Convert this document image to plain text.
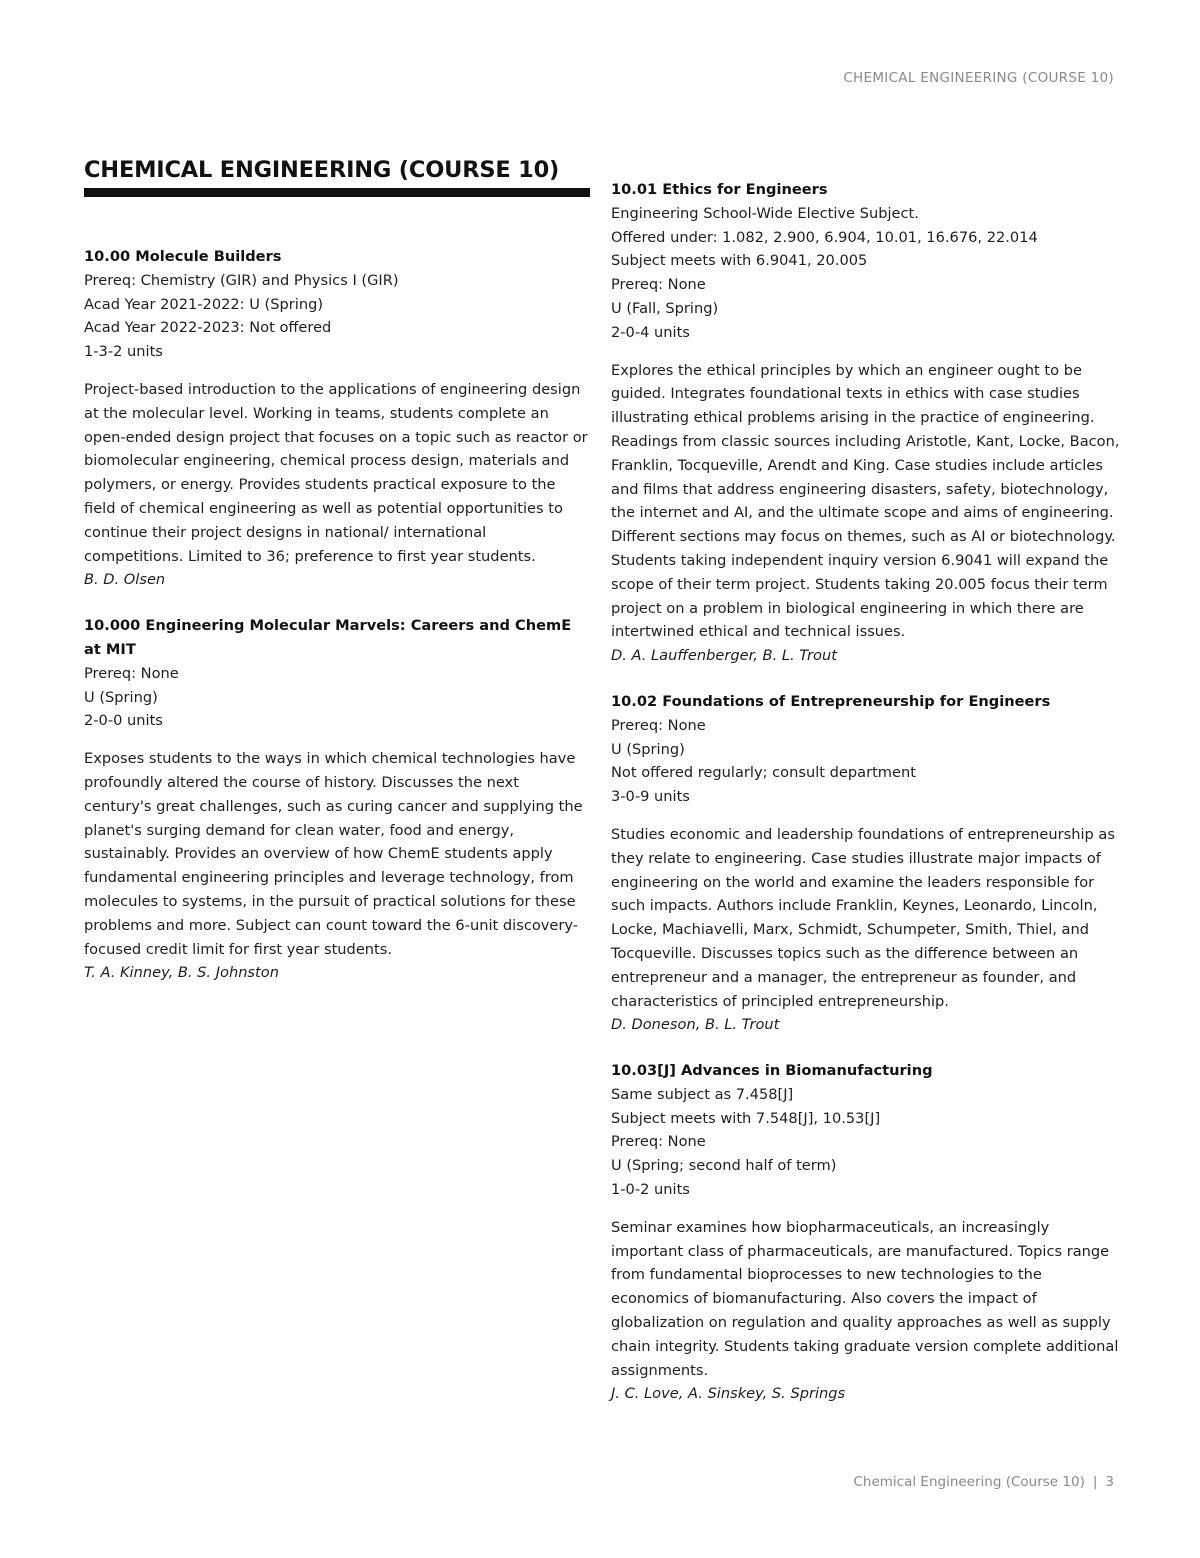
CHEMICAL ENGINEERING (COURSE 10)
CHEMICAL ENGINEERING (COURSE 10)
10.00 Molecule Builders
Prereq: Chemistry (GIR) and Physics I (GIR)
Acad Year 2021-2022: U (Spring)
Acad Year 2022-2023: Not offered
1-3-2 units
Project-based introduction to the applications of engineering design at the molecular level. Working in teams, students complete an open-ended design project that focuses on a topic such as reactor or biomolecular engineering, chemical process design, materials and polymers, or energy. Provides students practical exposure to the field of chemical engineering as well as potential opportunities to continue their project designs in national/ international competitions. Limited to 36; preference to first year students.
B. D. Olsen
10.000 Engineering Molecular Marvels: Careers and ChemE at MIT
Prereq: None
U (Spring)
2-0-0 units
Exposes students to the ways in which chemical technologies have profoundly altered the course of history. Discusses the next century's great challenges, such as curing cancer and supplying the planet's surging demand for clean water, food and energy, sustainably. Provides an overview of how ChemE students apply fundamental engineering principles and leverage technology, from molecules to systems, in the pursuit of practical solutions for these problems and more. Subject can count toward the 6-unit discovery-focused credit limit for first year students.
T. A. Kinney, B. S. Johnston
10.01 Ethics for Engineers
Engineering School-Wide Elective Subject.
Offered under: 1.082, 2.900, 6.904, 10.01, 16.676, 22.014
Subject meets with 6.9041, 20.005
Prereq: None
U (Fall, Spring)
2-0-4 units
Explores the ethical principles by which an engineer ought to be guided. Integrates foundational texts in ethics with case studies illustrating ethical problems arising in the practice of engineering. Readings from classic sources including Aristotle, Kant, Locke, Bacon, Franklin, Tocqueville, Arendt and King. Case studies include articles and films that address engineering disasters, safety, biotechnology, the internet and AI, and the ultimate scope and aims of engineering. Different sections may focus on themes, such as AI or biotechnology. Students taking independent inquiry version 6.9041 will expand the scope of their term project. Students taking 20.005 focus their term project on a problem in biological engineering in which there are intertwined ethical and technical issues.
D. A. Lauffenberger, B. L. Trout
10.02 Foundations of Entrepreneurship for Engineers
Prereq: None
U (Spring)
Not offered regularly; consult department
3-0-9 units
Studies economic and leadership foundations of entrepreneurship as they relate to engineering. Case studies illustrate major impacts of engineering on the world and examine the leaders responsible for such impacts. Authors include Franklin, Keynes, Leonardo, Lincoln, Locke, Machiavelli, Marx, Schmidt, Schumpeter, Smith, Thiel, and Tocqueville. Discusses topics such as the difference between an entrepreneur and a manager, the entrepreneur as founder, and characteristics of principled entrepreneurship.
D. Doneson, B. L. Trout
10.03[J] Advances in Biomanufacturing
Same subject as 7.458[J]
Subject meets with 7.548[J], 10.53[J]
Prereq: None
U (Spring; second half of term)
1-0-2 units
Seminar examines how biopharmaceuticals, an increasingly important class of pharmaceuticals, are manufactured. Topics range from fundamental bioprocesses to new technologies to the economics of biomanufacturing. Also covers the impact of globalization on regulation and quality approaches as well as supply chain integrity. Students taking graduate version complete additional assignments.
J. C. Love, A. Sinskey, S. Springs
Chemical Engineering (Course 10) | 3
